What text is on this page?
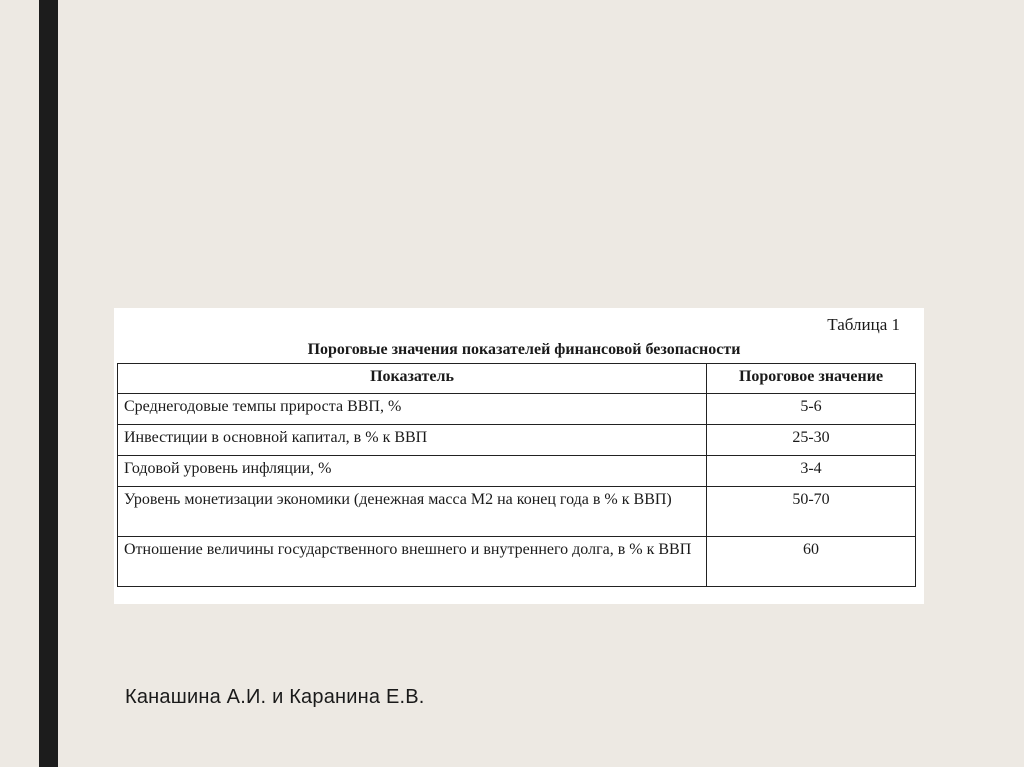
Таблица 1
Пороговые значения показателей финансовой безопасности
Показатель	Пороговое значение
Среднегодовые темпы прироста ВВП, %	5-6
Инвестиции в основной капитал, в % к ВВП	25-30
Годовой уровень инфляции, %	3-4
Уровень монетизации экономики (денежная масса М2 на конец года в % к ВВП)	50-70
Отношение величины государственного внешнего и внутреннего долга, в % к ВВП	60
Канашина А.И. и Каранина Е.В.
